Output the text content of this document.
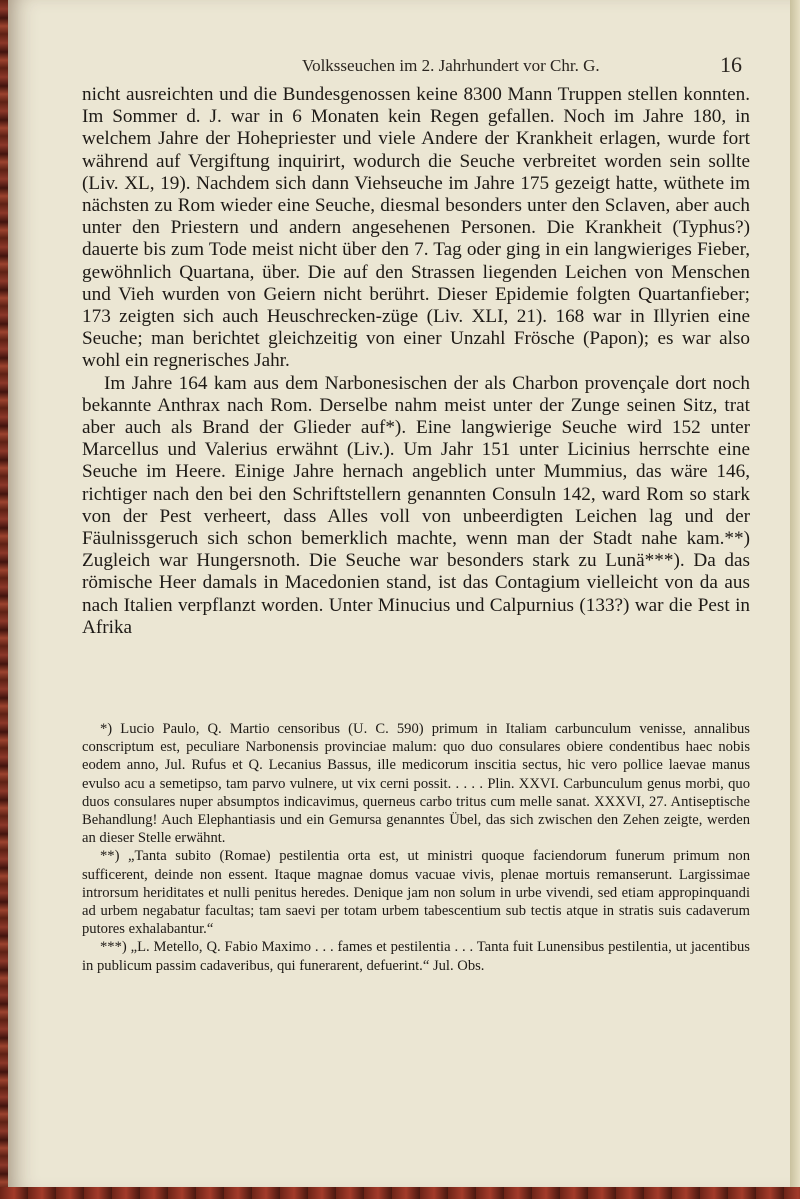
Volksseuchen im 2. Jahrhundert vor Chr. G.	16

nicht ausreichten und die Bundesgenossen keine 8300 Mann Truppen stellen konnten. Im Sommer d. J. war in 6 Monaten kein Regen gefallen. Noch im Jahre 180, in welchem Jahre der Hohepriester und viele Andere der Krankheit erlagen, wurde fort während auf Vergiftung inquirirt, wodurch die Seuche verbreitet worden sein sollte (Liv. XL, 19). Nachdem sich dann Viehseuche im Jahre 175 gezeigt hatte, wüthete im nächsten zu Rom wieder eine Seuche, diesmal besonders unter den Sclaven, aber auch unter den Priestern und andern angesehenen Personen. Die Krankheit (Typhus?) dauerte bis zum Tode meist nicht über den 7. Tag oder ging in ein langwieriges Fieber, gewöhnlich Quartana, über. Die auf den Strassen liegenden Leichen von Menschen und Vieh wurden von Geiern nicht berührt. Dieser Epidemie folgten Quartanfieber; 173 zeigten sich auch Heuschrecken-züge (Liv. XLI, 21). 168 war in Illyrien eine Seuche; man berichtet gleichzeitig von einer Unzahl Frösche (Papon); es war also wohl ein regnerisches Jahr.

Im Jahre 164 kam aus dem Narbonesischen der als Charbon provençale dort noch bekannte Anthrax nach Rom. Derselbe nahm meist unter der Zunge seinen Sitz, trat aber auch als Brand der Glieder auf*). Eine langwierige Seuche wird 152 unter Marcellus und Valerius erwähnt (Liv.). Um Jahr 151 unter Licinius herrschte eine Seuche im Heere. Einige Jahre hernach angeblich unter Mummius, das wäre 146, richtiger nach den bei den Schriftstellern genannten Consuln 142, ward Rom so stark von der Pest verheert, dass Alles voll von unbeerdigten Leichen lag und der Fäulnissgeruch sich schon bemerklich machte, wenn man der Stadt nahe kam.**) Zugleich war Hungersnoth. Die Seuche war besonders stark zu Lunä***). Da das römische Heer damals in Macedonien stand, ist das Contagium vielleicht von da aus nach Italien verpflanzt worden. Unter Minucius und Calpurnius (133?) war die Pest in Afrika

*) Lucio Paulo, Q. Martio censoribus (U. C. 590) primum in Italiam carbunculum venisse, annalibus conscriptum est, peculiare Narbonensis provinciae malum: quo duo consulares obiere condentibus haec nobis eodem anno, Jul. Rufus et Q. Lecanius Bassus, ille medicorum inscitia sectus, hic vero pollice laevae manus evulso acu a semetipso, tam parvo vulnere, ut vix cerni possit. . . . . Plin. XXVI. Carbunculum genus morbi, quo duos consulares nuper absumptos indicavimus, querneus carbo tritus cum melle sanat. XXXVI, 27. Antiseptische Behandlung! Auch Elephantiasis und ein Gemursa genanntes Übel, das sich zwischen den Zehen zeigte, werden an dieser Stelle erwähnt.

**) „Tanta subito (Romae) pestilentia orta est, ut ministri quoque faciendorum funerum primum non sufficerent, deinde non essent. Itaque magnae domus vacuae vivis, plenae mortuis remanserunt. Largissimae introrsum heriditates et nulli penitus heredes. Denique jam non solum in urbe vivendi, sed etiam appropinquandi ad urbem negabatur facultas; tam saevi per totam urbem tabescentium sub tectis atque in stratis suis cadaverum putores exhalabantur.“

***) „L. Metello, Q. Fabio Maximo . . . fames et pestilentia . . . Tanta fuit Lunensibus pestilentia, ut jacentibus in publicum passim cadaveribus, qui funerarent, defuerint.“ Jul. Obs.
